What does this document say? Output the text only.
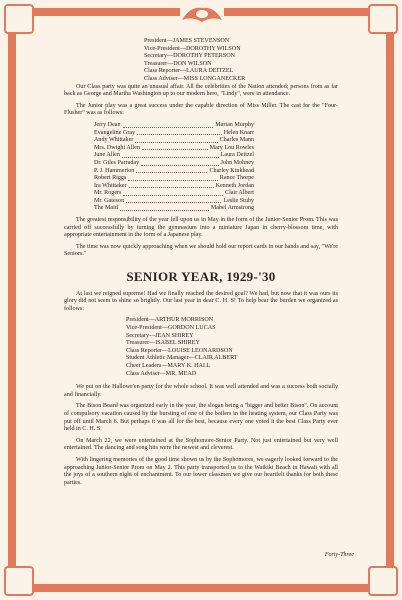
President—JAMES STEVENSON
Vice-President—DOROTHY WILSON
Secretary—DOROTHY PETERSON
Treasurer—DON WILSON
Class Reporter—LAURA DEITZEL
Class Adviser—MISS LONGANECKER

Our Class party was quite an unusual affair. All the celebrities of the Nation attended; persons from as far back as George and Martha Washington up to our modern hero, "Lindy", were in attendance.

The Junior play was a great success under the capable direction of Miss Miller. The cast for the "Four-Flusher" was as follows:

Jerry Dean	Marian Murphy
Evangeline Gray	Helen Knarr
Andy Whittaker	Charles Mann
Mrs. Dwight Allen	Mary Lou Rowles
June Allen	Laura Deitzel
Dr. Giles Parraday	John Mohney
P. J. Hammerton	Charley Kinkhead
Robert Riggs	Rance Thorpe
Ira Whittaker	Kenneth Jordan
Mr. Rogers	Clair Albert
Mr. Gateson	Leslie Stuby
The Maid	Mabel Armstrong

The greatest responsibility of the year fell upon us in May in the form of the Junior-Senior Prom. This was carried off successfully by turning the gymnasium into a miniature Japan in cherry-blossom time, with appropriate entertainment in the form of a Japanese play.

The time was now quickly approaching when we should hold our report cards in our hands and say, "We're Seniors."

SENIOR YEAR, 1929-'30

At last we reigned supreme! Had we finally reached the desired goal? We had, but now that it was ours its glory did not seem to shine so brightly. Our last year in dear C. H. S! To help bear the burden we organized as follows:

President—ARTHUR MORRISON
Vice-President—GORDON LUCAS
Secretary—JEAN SHIREY
Treasurer—ISABEL SHIREY
Class Reporter—LOUISE LEONARDSON
Student Athletic Manager—CLAIR ALBERT
Cheer Leaders—MARY K. HALL
Class Adviser—MR. MEAD

We put on the Hallowe'en party for the whole school. It was well attended and was a success both socially and financially.

The Bison Board was organized early in the year, the slogan being a "bigger and better Bison". On account of compulsory vacation caused by the bursting of one of the boilers in the heating system, our Class Party was put off until March 6. But perhaps it was all for the best, because every one voted it the best Class Party ever held in C. H. S.

On March 22, we were entertained at the Sophomore-Senior Party. Not just entertained but very well entertained. The dancing and song hits were the newest and cleverest.

With lingering memories of the good time shown us by the Sophomores, we eagerly looked forward to the approaching Junior-Senior Prom on May 2. This party transported us to the Waikiki Beach in Hawaii with all the joys of a southern night of enchantment. To our lower classmen we give our heartfelt thanks for both these parties.

Forty-Three
